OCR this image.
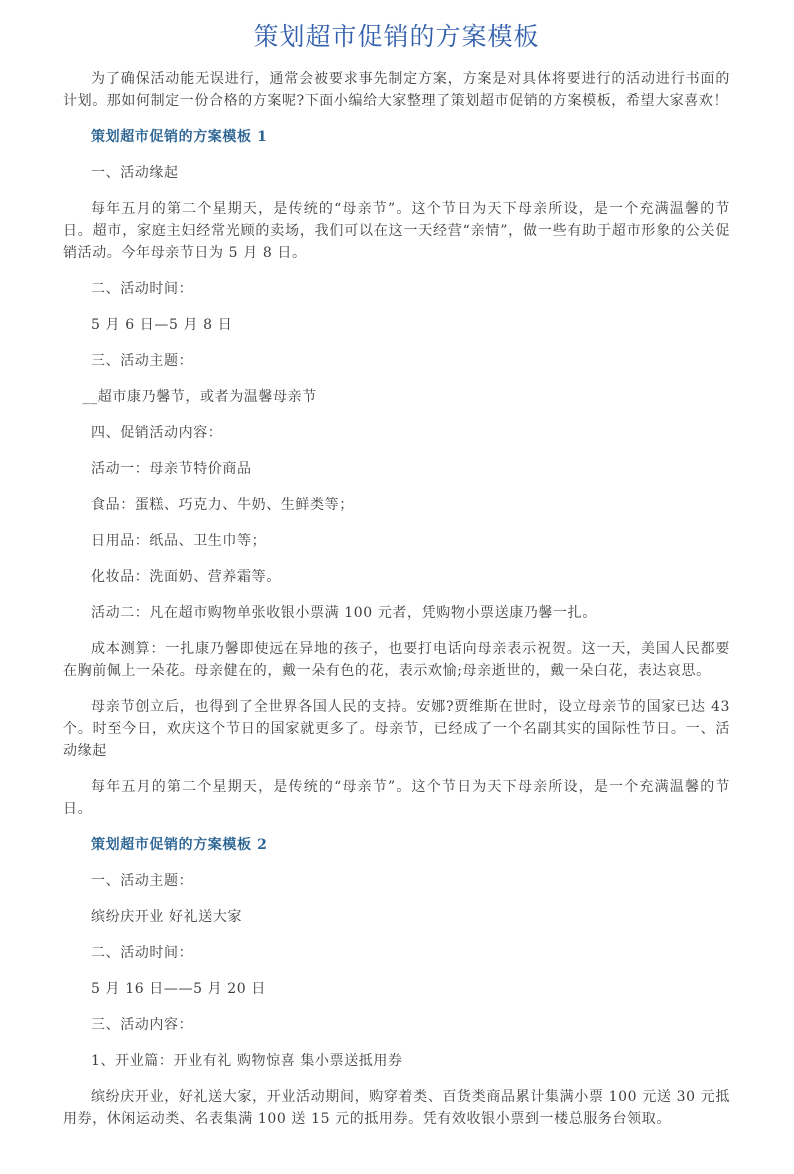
策划超市促销的方案模板
为了确保活动能无误进行，通常会被要求事先制定方案，方案是对具体将要进行的活动进行书面的计划。那如何制定一份合格的方案呢?下面小编给大家整理了策划超市促销的方案模板，希望大家喜欢！
策划超市促销的方案模板 1
一、活动缘起
每年五月的第二个星期天，是传统的“母亲节”。这个节日为天下母亲所设，是一个充满温馨的节日。超市，家庭主妇经常光顾的卖场，我们可以在这一天经营“亲情”，做一些有助于超市形象的公关促销活动。今年母亲节日为 5 月 8 日。
二、活动时间：
5 月 6 日—5 月 8 日
三、活动主题：
__超市康乃馨节，或者为温馨母亲节
四、促销活动内容：
活动一：母亲节特价商品
食品：蛋糕、巧克力、牛奶、生鲜类等；
日用品：纸品、卫生巾等；
化妆品：洗面奶、营养霜等。
活动二：凡在超市购物单张收银小票满 100 元者，凭购物小票送康乃馨一扎。
成本测算：一扎康乃馨即使远在异地的孩子，也要打电话向母亲表示祝贺。这一天，美国人民都要在胸前佩上一朵花。母亲健在的，戴一朵有色的花，表示欢愉;母亲逝世的，戴一朵白花，表达哀思。
母亲节创立后，也得到了全世界各国人民的支持。安娜?贾维斯在世时，设立母亲节的国家已达 43 个。时至今日，欢庆这个节日的国家就更多了。母亲节，已经成了一个名副其实的国际性节日。一、活动缘起
每年五月的第二个星期天，是传统的“母亲节”。这个节日为天下母亲所设，是一个充满温馨的节日。
策划超市促销的方案模板 2
一、活动主题：
缤纷庆开业 好礼送大家
二、活动时间：
5 月 16 日——5 月 20 日
三、活动内容：
1、开业篇：开业有礼 购物惊喜 集小票送抵用券
缤纷庆开业，好礼送大家，开业活动期间，购穿着类、百货类商品累计集满小票 100 元送 30 元抵用券，休闲运动类、名表集满 100 送 15 元的抵用券。凭有效收银小票到一楼总服务台领取。
